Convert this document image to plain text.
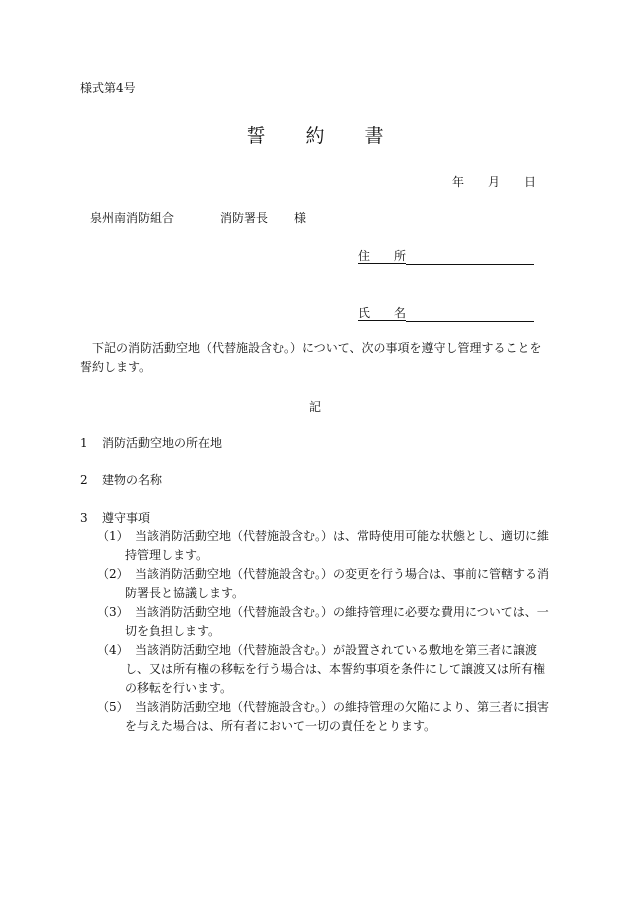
様式第4号
誓 約 書
年 月 日
泉州南消防組合	消防署長 様
住　　所
氏　　名
下記の消防活動空地（代替施設含む。）について、次の事項を遵守し管理することを誓約します。
記
1 消防活動空地の所在地
2 建物の名称
3 遵守事項
（1） 当該消防活動空地（代替施設含む。）は、常時使用可能な状態とし、適切に維持管理します。
（2） 当該消防活動空地（代替施設含む。）の変更を行う場合は、事前に管轄する消防署長と協議します。
（3） 当該消防活動空地（代替施設含む。）の維持管理に必要な費用については、一切を負担します。
（4） 当該消防活動空地（代替施設含む。）が設置されている敷地を第三者に譲渡し、又は所有権の移転を行う場合は、本誓約事項を条件にして譲渡又は所有権の移転を行います。
（5） 当該消防活動空地（代替施設含む。）の維持管理の欠陥により、第三者に損害を与えた場合は、所有者において一切の責任をとります。
